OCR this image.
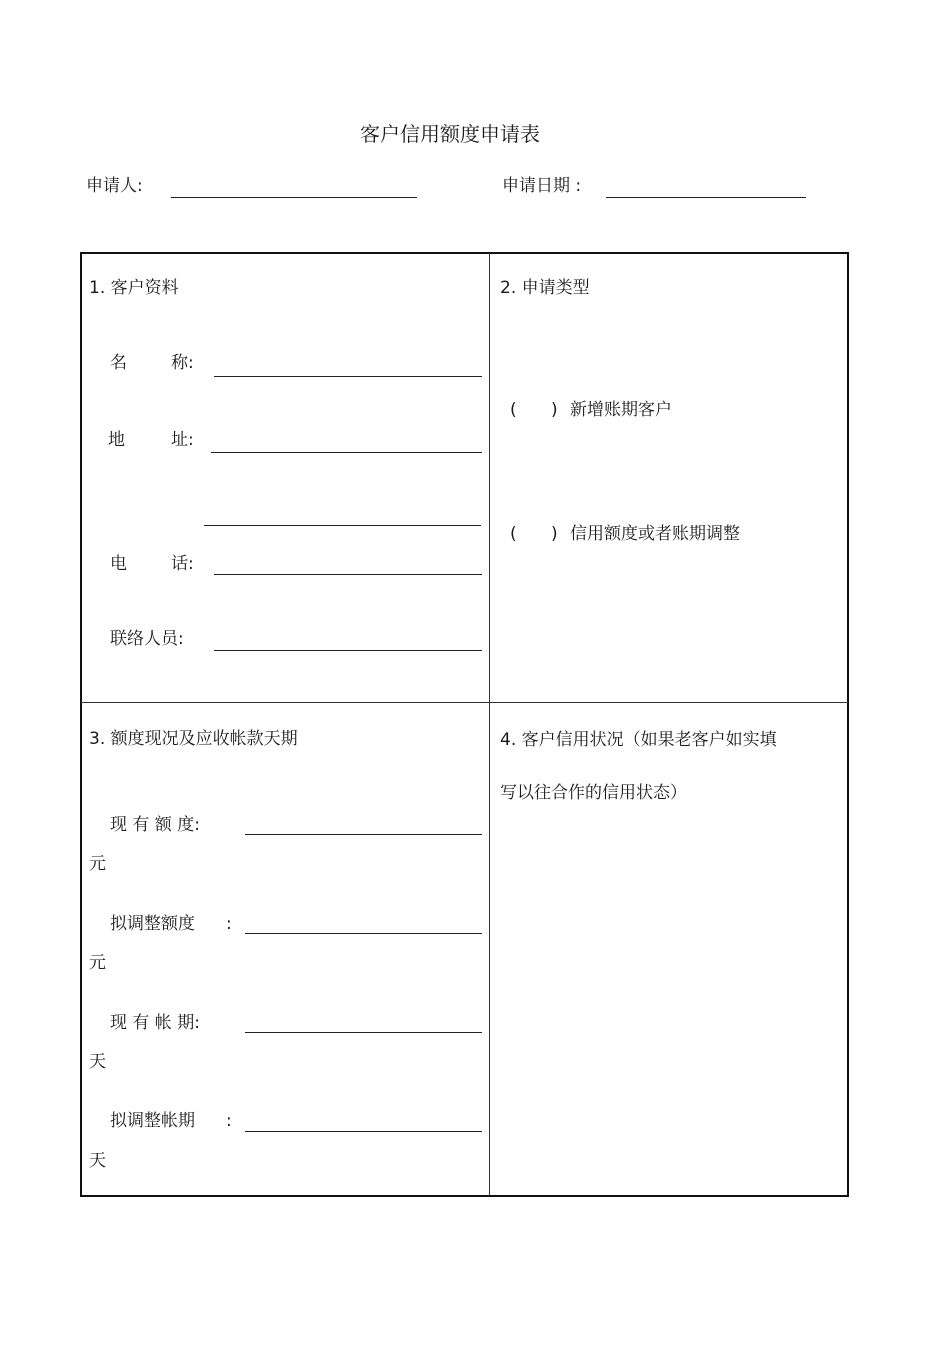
客户信用额度申请表
申请人:	申请日期 :
1. 客户资料
名	称:
地	址:
电	话:
联络人员:
2. 申请类型
( ) 新增账期客户
( ) 信用额度或者账期调整
3. 额度现况及应收帐款天期
现 有 额 度:
元
拟调整额度 :
元
现 有 帐 期:
天
拟调整帐期 :
天
4. 客户信用状况（如果老客户如实填
写以往合作的信用状态）
